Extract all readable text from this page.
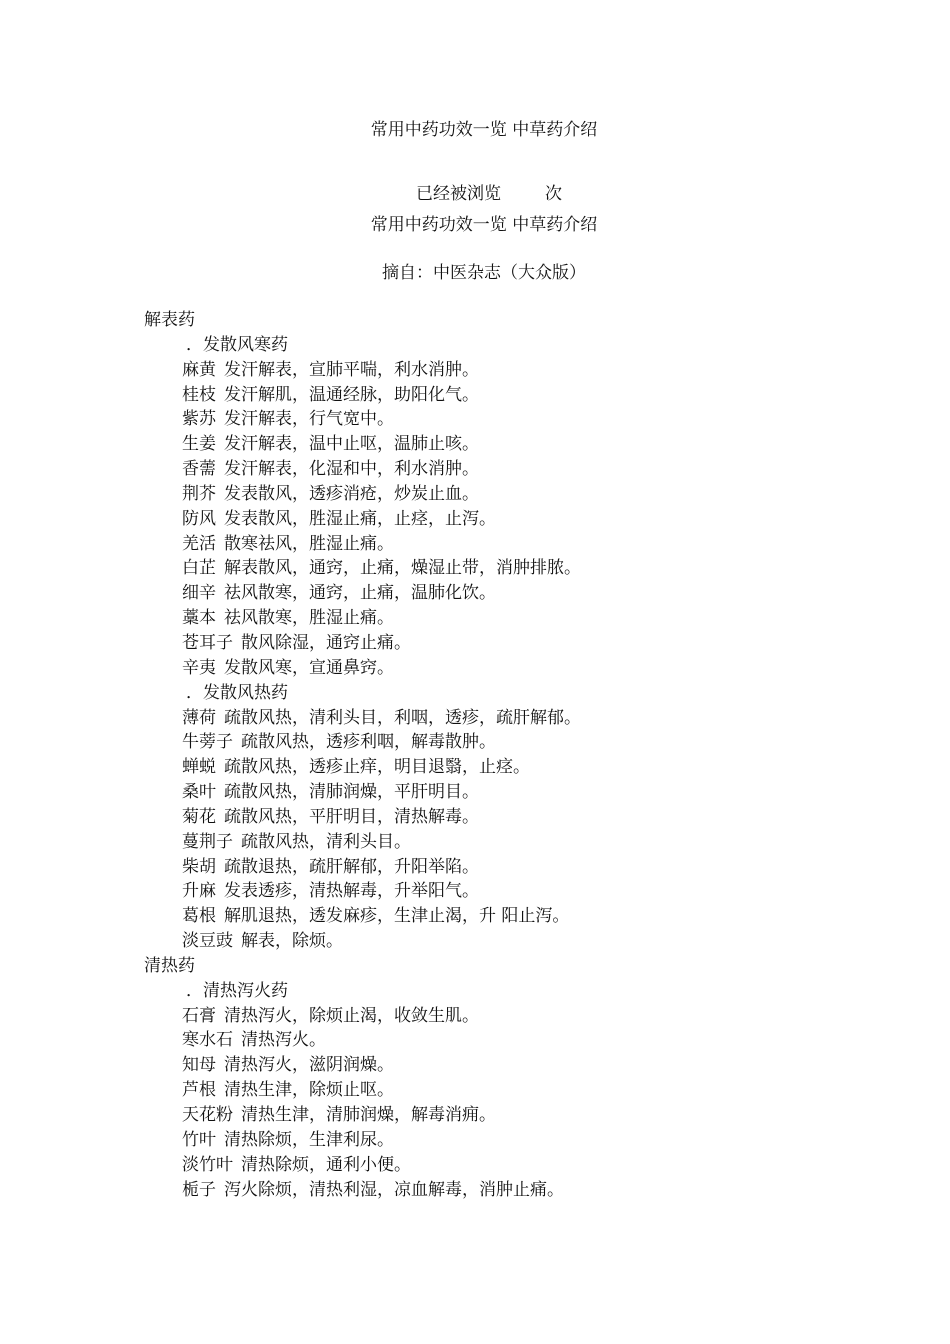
常用中药功效一览 中草药介绍
已经被浏览	次
常用中药功效一览 中草药介绍
摘自：中医杂志（大众版）
解表药
．发散风寒药
麻黄 发汗解表，宣肺平喘，利水消肿。
桂枝 发汗解肌，温通经脉，助阳化气。
紫苏 发汗解表，行气宽中。
生姜 发汗解表，温中止呕，温肺止咳。
香薷 发汗解表，化湿和中，利水消肿。
荆芥 发表散风，透疹消疮，炒炭止血。
防风 发表散风，胜湿止痛，止痉，止泻。
羌活 散寒祛风，胜湿止痛。
白芷 解表散风，通窍，止痛，燥湿止带，消肿排脓。
细辛 祛风散寒，通窍，止痛，温肺化饮。
藁本 祛风散寒，胜湿止痛。
苍耳子 散风除湿，通窍止痛。
辛夷 发散风寒，宣通鼻窍。
．发散风热药
薄荷 疏散风热，清利头目，利咽，透疹，疏肝解郁。
牛蒡子 疏散风热，透疹利咽，解毒散肿。
蝉蜕 疏散风热，透疹止痒，明目退翳，止痉。
桑叶 疏散风热，清肺润燥，平肝明目。
菊花 疏散风热，平肝明目，清热解毒。
蔓荆子 疏散风热，清利头目。
柴胡 疏散退热，疏肝解郁，升阳举陷。
升麻 发表透疹，清热解毒，升举阳气。
葛根 解肌退热，透发麻疹，生津止渴，升 阳止泻。
淡豆豉 解表，除烦。
清热药
．清热泻火药
石膏 清热泻火，除烦止渴，收敛生肌。
寒水石 清热泻火。
知母 清热泻火，滋阴润燥。
芦根 清热生津，除烦止呕。
天花粉 清热生津，清肺润燥，解毒消痈。
竹叶 清热除烦，生津利尿。
淡竹叶 清热除烦，通利小便。
栀子 泻火除烦，清热利湿，凉血解毒，消肿止痛。
